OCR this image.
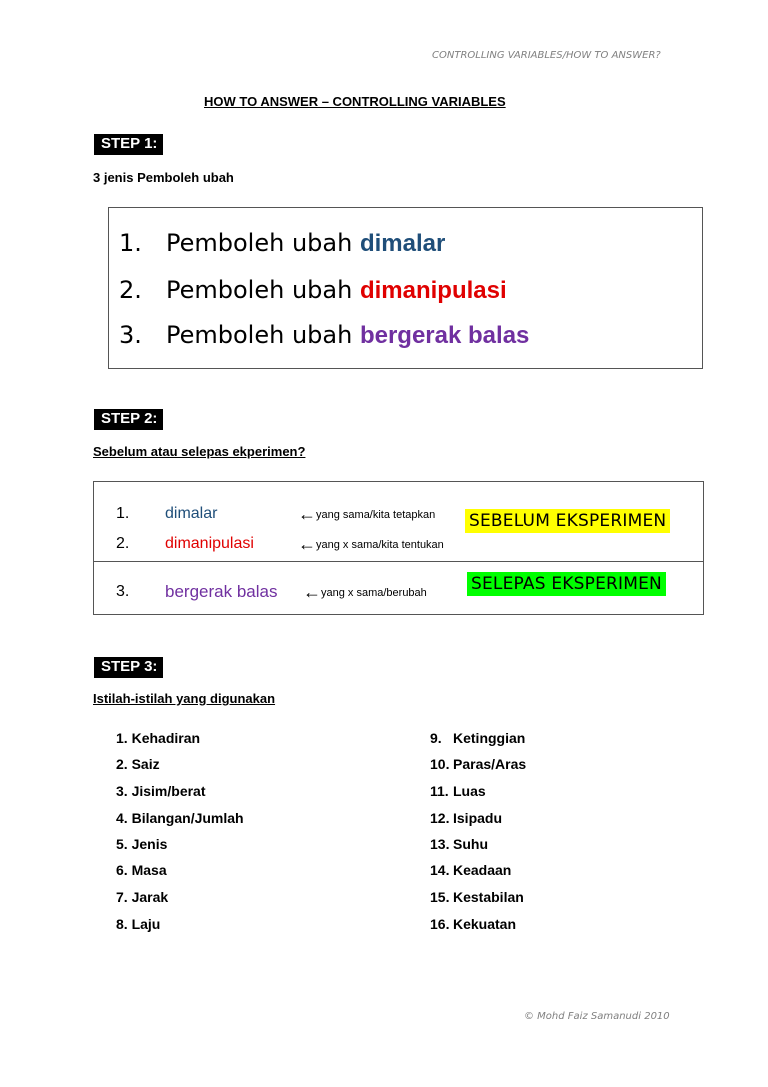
CONTROLLING VARIABLES/HOW TO ANSWER?
HOW TO ANSWER – CONTROLLING VARIABLES
STEP 1:
3 jenis Pemboleh ubah
1. Pemboleh ubah dimalar
2. Pemboleh ubah dimanipulasi
3. Pemboleh ubah bergerak balas
STEP 2:
Sebelum atau selepas ekperimen?
1. dimalar	←yang sama/kita tetapkan
2. dimanipulasi ←yang x sama/kita tentukan
SEBELUM EKSPERIMEN
3. bergerak balas ←yang x sama/berubah	SELEPAS EKSPERIMEN
STEP 3:
Istilah-istilah yang digunakan
1. Kehadiran
2. Saiz
3. Jisim/berat
4. Bilangan/Jumlah
5. Jenis
6. Masa
7. Jarak
8. Laju
9. Ketinggian
10. Paras/Aras
11. Luas
12. Isipadu
13. Suhu
14. Keadaan
15. Kestabilan
16. Kekuatan
© Mohd Faiz Samanudi 2010
